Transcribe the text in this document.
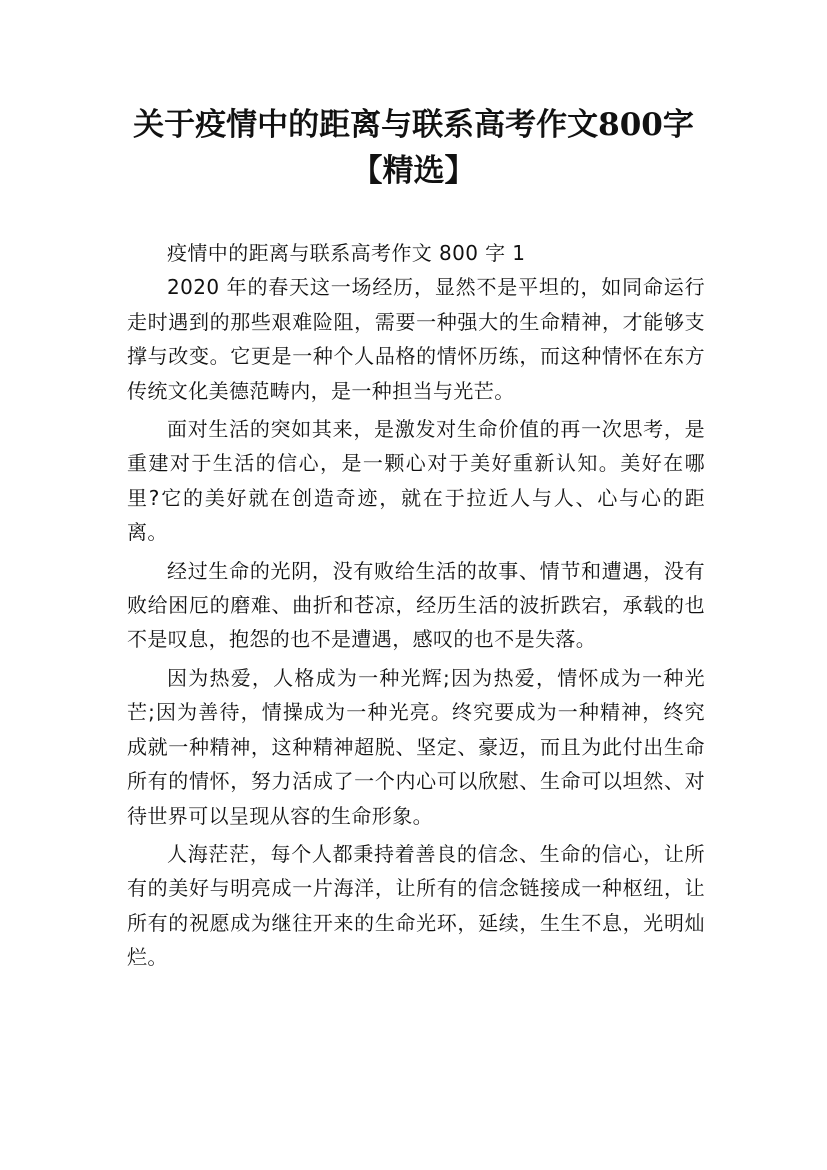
关于疫情中的距离与联系高考作文800字
【精选】

疫情中的距离与联系高考作文 800 字 1

2020 年的春天这一场经历，显然不是平坦的，如同命运行走时遇到的那些艰难险阻，需要一种强大的生命精神，才能够支撑与改变。它更是一种个人品格的情怀历练，而这种情怀在东方传统文化美德范畴内，是一种担当与光芒。

面对生活的突如其来，是激发对生命价值的再一次思考，是重建对于生活的信心，是一颗心对于美好重新认知。美好在哪里?它的美好就在创造奇迹，就在于拉近人与人、心与心的距离。

经过生命的光阴，没有败给生活的故事、情节和遭遇，没有败给困厄的磨难、曲折和苍凉，经历生活的波折跌宕，承载的也不是叹息，抱怨的也不是遭遇，感叹的也不是失落。

因为热爱，人格成为一种光辉;因为热爱，情怀成为一种光芒;因为善待，情操成为一种光亮。终究要成为一种精神，终究成就一种精神，这种精神超脱、坚定、豪迈，而且为此付出生命所有的情怀，努力活成了一个内心可以欣慰、生命可以坦然、对待世界可以呈现从容的生命形象。

人海茫茫，每个人都秉持着善良的信念、生命的信心，让所有的美好与明亮成一片海洋，让所有的信念链接成一种枢纽，让所有的祝愿成为继往开来的生命光环，延续，生生不息，光明灿烂。
